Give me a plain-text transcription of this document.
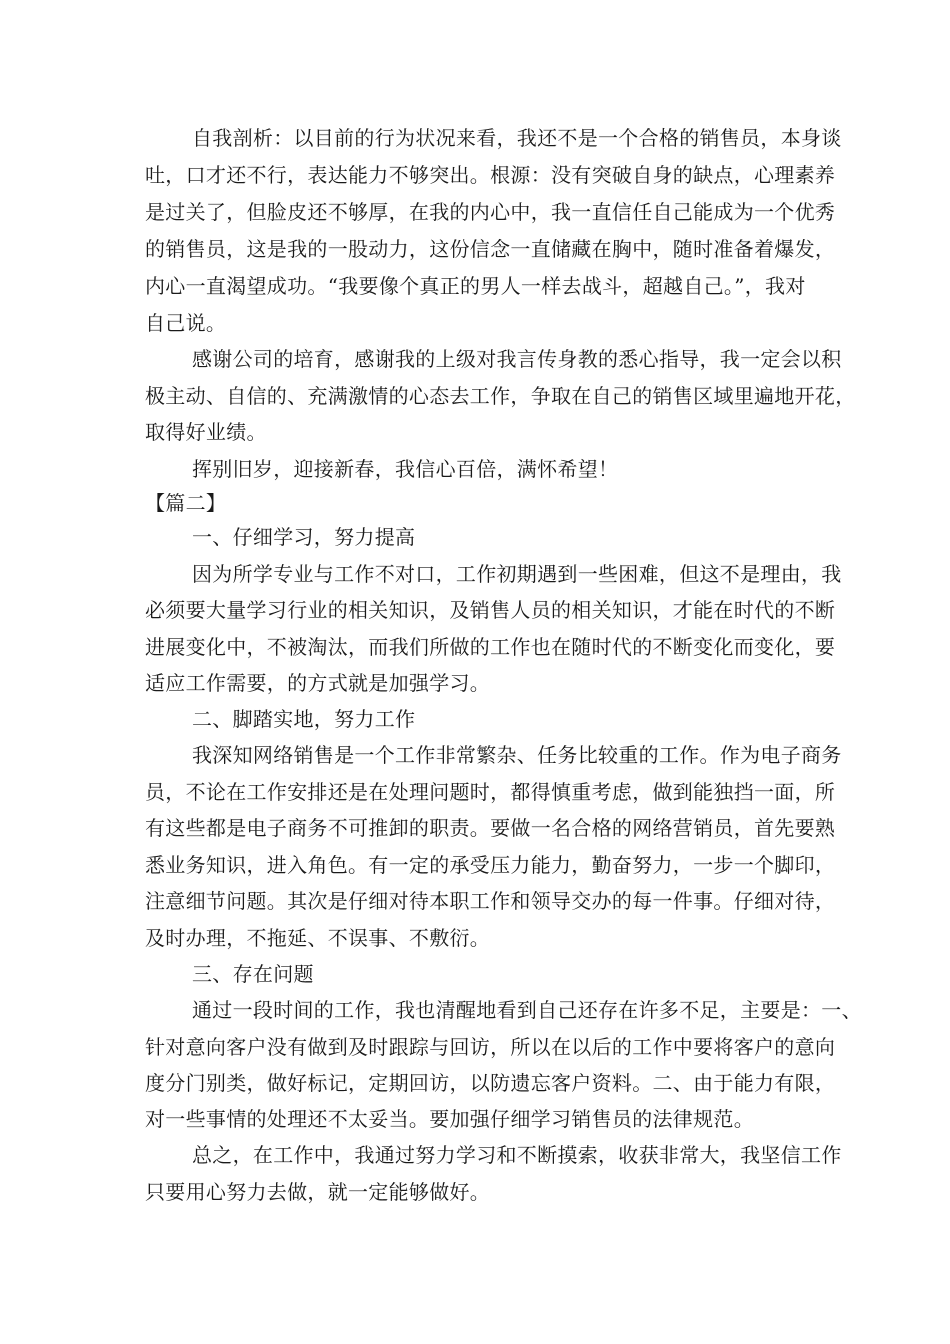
自我剖析：以目前的行为状况来看，我还不是一个合格的销售员，本身谈
吐，口才还不行，表达能力不够突出。根源：没有突破自身的缺点，心理素养
是过关了，但脸皮还不够厚，在我的内心中，我一直信任自己能成为一个优秀
的销售员，这是我的一股动力，这份信念一直储藏在胸中，随时准备着爆发，
内心一直渴望成功。“我要像个真正的男人一样去战斗，超越自己。”，我对
自己说。
感谢公司的培育，感谢我的上级对我言传身教的悉心指导，我一定会以积
极主动、自信的、充满激情的心态去工作，争取在自己的销售区域里遍地开花，
取得好业绩。
挥别旧岁，迎接新春，我信心百倍，满怀希望！
【篇二】
一、仔细学习，努力提高
因为所学专业与工作不对口，工作初期遇到一些困难，但这不是理由，我
必须要大量学习行业的相关知识，及销售人员的相关知识，才能在时代的不断
进展变化中，不被淘汰，而我们所做的工作也在随时代的不断变化而变化，要
适应工作需要，的方式就是加强学习。
二、脚踏实地，努力工作
我深知网络销售是一个工作非常繁杂、任务比较重的工作。作为电子商务
员，不论在工作安排还是在处理问题时，都得慎重考虑，做到能独挡一面，所
有这些都是电子商务不可推卸的职责。要做一名合格的网络营销员，首先要熟
悉业务知识，进入角色。有一定的承受压力能力，勤奋努力，一步一个脚印，
注意细节问题。其次是仔细对待本职工作和领导交办的每一件事。仔细对待，
及时办理，不拖延、不误事、不敷衍。
三、存在问题
通过一段时间的工作，我也清醒地看到自己还存在许多不足，主要是：一、
针对意向客户没有做到及时跟踪与回访，所以在以后的工作中要将客户的意向
度分门别类，做好标记，定期回访，以防遗忘客户资料。二、由于能力有限，
对一些事情的处理还不太妥当。要加强仔细学习销售员的法律规范。
总之，在工作中，我通过努力学习和不断摸索，收获非常大，我坚信工作
只要用心努力去做，就一定能够做好。
